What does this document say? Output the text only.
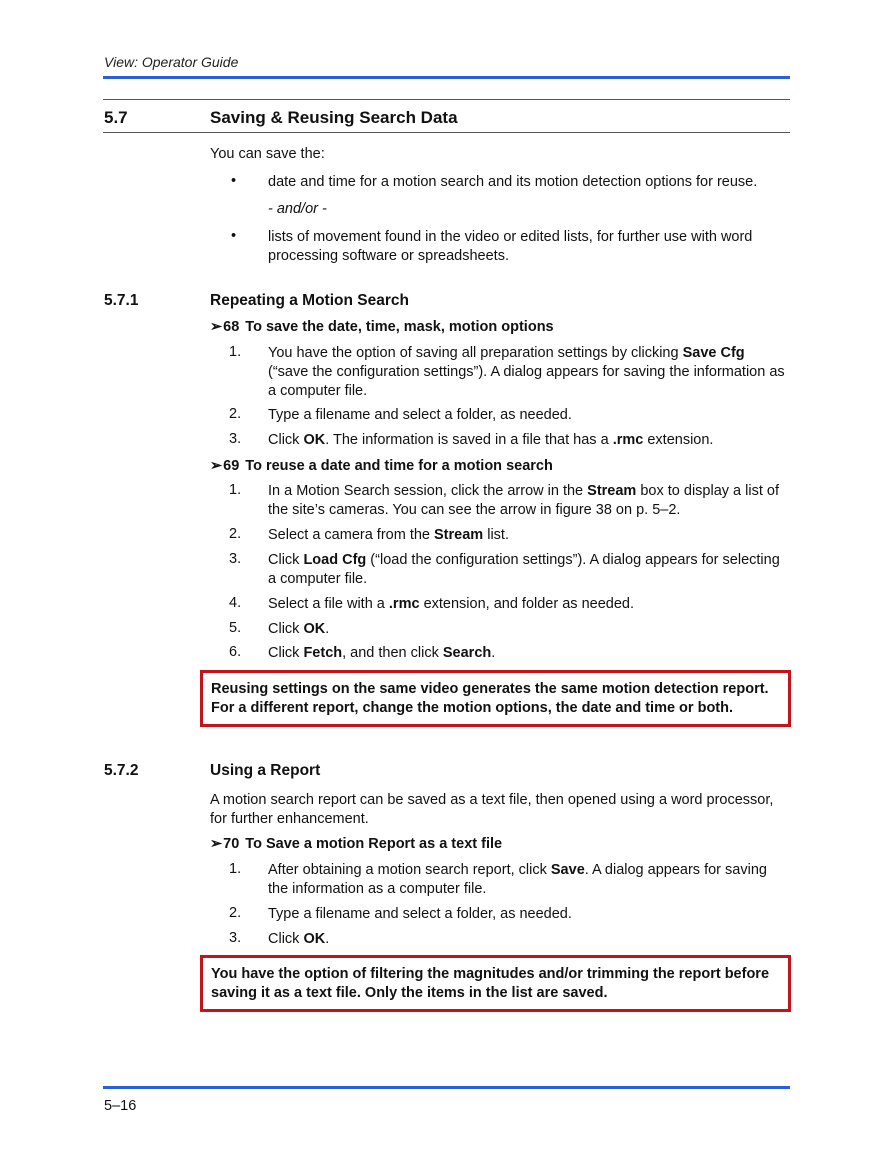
View: Operator Guide
5.7	Saving & Reusing Search Data
You can save the:
• date and time for a motion search and its motion detection options for reuse.
- and/or -
• lists of movement found in the video or edited lists, for further use with word processing software or spreadsheets.
5.7.1	Repeating a Motion Search
➢68 To save the date, time, mask, motion options
1. You have the option of saving all preparation settings by clicking Save Cfg (“save the configuration settings”). A dialog appears for saving the information as a computer file.
2. Type a filename and select a folder, as needed.
3. Click OK. The information is saved in a file that has a .rmc extension.
➢69 To reuse a date and time for a motion search
1. In a Motion Search session, click the arrow in the Stream box to display a list of the site’s cameras. You can see the arrow in figure 38 on p. 5–2.
2. Select a camera from the Stream list.
3. Click Load Cfg (“load the configuration settings”). A dialog appears for selecting a computer file.
4. Select a file with a .rmc extension, and folder as needed.
5. Click OK.
6. Click Fetch, and then click Search.
Reusing settings on the same video generates the same motion detection report. For a different report, change the motion options, the date and time or both.
5.7.2	Using a Report
A motion search report can be saved as a text file, then opened using a word processor, for further enhancement.
➢70 To Save a motion Report as a text file
1. After obtaining a motion search report, click Save. A dialog appears for saving the information as a computer file.
2. Type a filename and select a folder, as needed.
3. Click OK.
You have the option of filtering the magnitudes and/or trimming the report before saving it as a text file. Only the items in the list are saved.
5–16
